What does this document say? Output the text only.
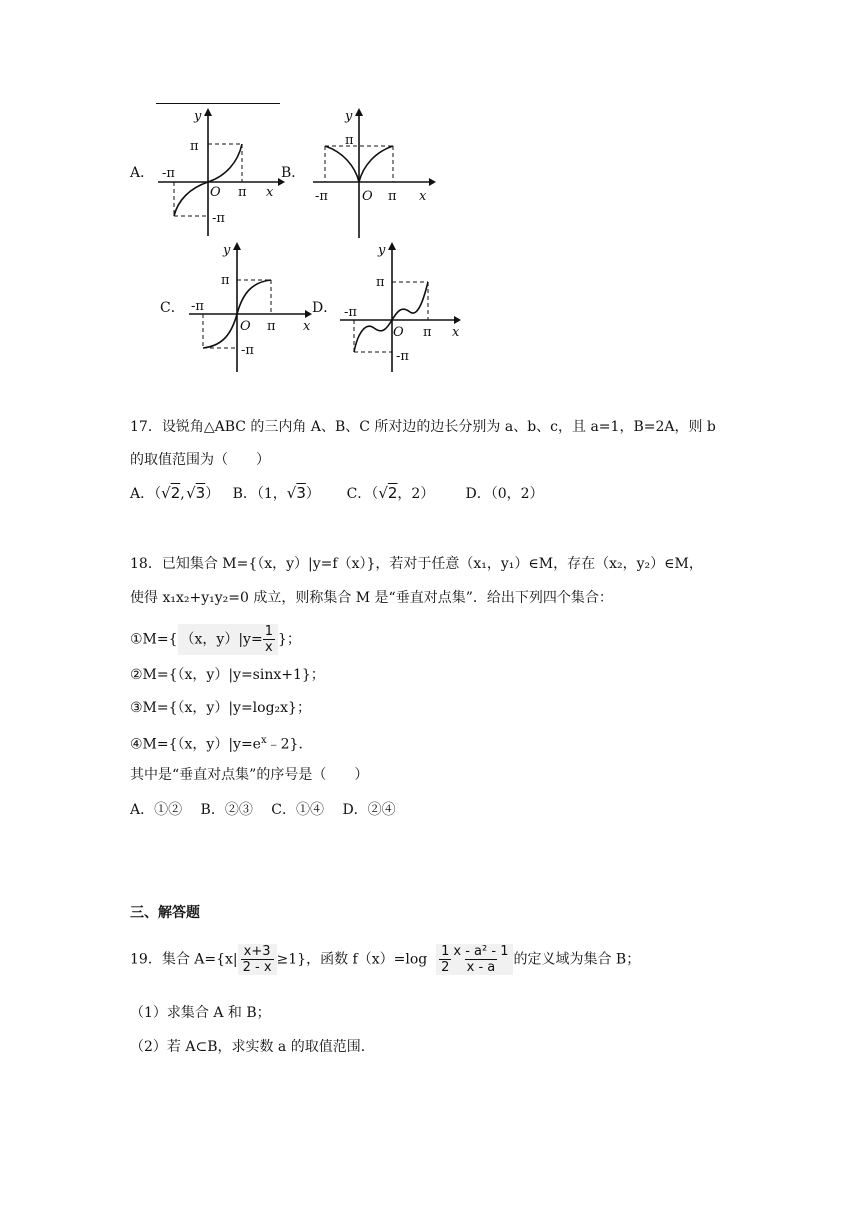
A．
y
π
-π
O π x
-π
B．
y
π
-π	O π x
C．
y
π
-π
O π x
-π
D．
y
π
-π
O π x
-π
17．设锐角△ABC 的三内角 A、B、C 所对边的边长分别为 a、b、c，且 a=1，B=2A，则 b
的取值范围为（　　）
A．（√2, √3） B．（1，√3） C．（√2，2） D．（0，2）
18．已知集合 M={（x，y）|y=f（x）}，若对于任意（x₁，y₁）∈M，存在（x₂，y₂）∈M，
使得 x₁x₂+y₁y₂=0 成立，则称集合 M 是“垂直对点集”．给出下列四个集合：
①M={ （x，$y)|y= \frac{1}{x}$ }；
②M={（x，y）|y=sinx+1}；
③M={（x，y）|y=log₂x}；
④M={（x，$y)|y=e^x﹣2$}．
其中是“垂直对点集”的序号是（　　）
A．①②　 B．②③　 C．①④　 D．②④
三、解答题
19．集合 $A=\{x| \frac{x+3}{2 - x} \ge 1\}$，函数 $f(x)=\log \frac{1}{2} \frac{\text{x - a² - 1}}{x - a}$ 的定义域为集合 B；
（1）求集合 A 和 B；
（2）若 A⊂B，求实数 a 的取值范围．
